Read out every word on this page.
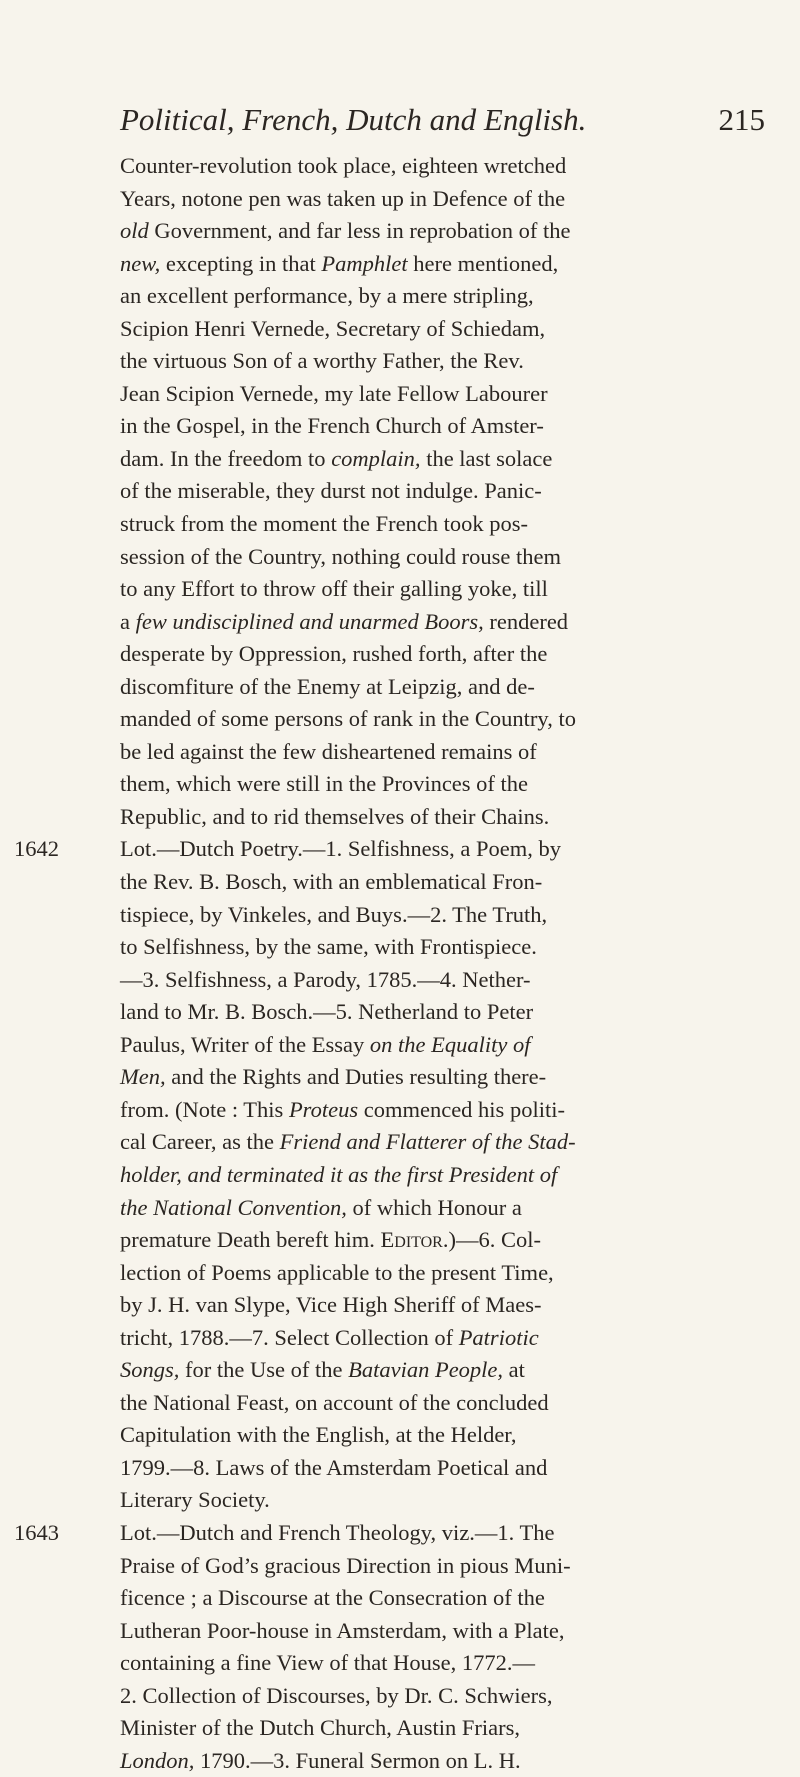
Political, French, Dutch and English.	215
Counter-revolution took place, eighteen wretched
Years, notone pen was taken up in Defence of the
old Government, and far less in reprobation of the
new, excepting in that Pamphlet here mentioned,
an excellent performance, by a mere stripling,
Scipion Henri Vernede, Secretary of Schiedam,
the virtuous Son of a worthy Father, the Rev.
Jean Scipion Vernede, my late Fellow Labourer
in the Gospel, in the French Church of Amster-
dam. In the freedom to complain, the last solace
of the miserable, they durst not indulge. Panic-
struck from the moment the French took pos-
session of the Country, nothing could rouse them
to any Effort to throw off their galling yoke, till
a few undisciplined and unarmed Boors, rendered
desperate by Oppression, rushed forth, after the
discomfiture of the Enemy at Leipzig, and de-
manded of some persons of rank in the Country, to
be led against the few disheartened remains of
them, which were still in the Provinces of the
Republic, and to rid themselves of their Chains.
1642	Lot.—Dutch Poetry.—1. Selfishness, a Poem, by
the Rev. B. Bosch, with an emblematical Fron-
tispiece, by Vinkeles, and Buys.—2. The Truth,
to Selfishness, by the same, with Frontispiece.
—3. Selfishness, a Parody, 1785.—4. Nether-
land to Mr. B. Bosch.—5. Netherland to Peter
Paulus, Writer of the Essay on the Equality of
Men, and the Rights and Duties resulting there-
from. (Note : This Proteus commenced his politi-
cal Career, as the Friend and Flatterer of the Stad-
holder, and terminated it as the first President of
the National Convention, of which Honour a
premature Death bereft him. Editor.)—6. Col-
lection of Poems applicable to the present Time,
by J. H. van Slype, Vice High Sheriff of Maes-
tricht, 1788.—7. Select Collection of Patriotic
Songs, for the Use of the Batavian People, at
the National Feast, on account of the concluded
Capitulation with the English, at the Helder,
1799.—8. Laws of the Amsterdam Poetical and
Literary Society.
1643	Lot.—Dutch and French Theology, viz.—1. The
Praise of God’s gracious Direction in pious Muni-
ficence ; a Discourse at the Consecration of the
Lutheran Poor-house in Amsterdam, with a Plate,
containing a fine View of that House, 1772.—
2. Collection of Discourses, by Dr. C. Schwiers,
Minister of the Dutch Church, Austin Friars,
London, 1790.—3. Funeral Sermon on L. H.
